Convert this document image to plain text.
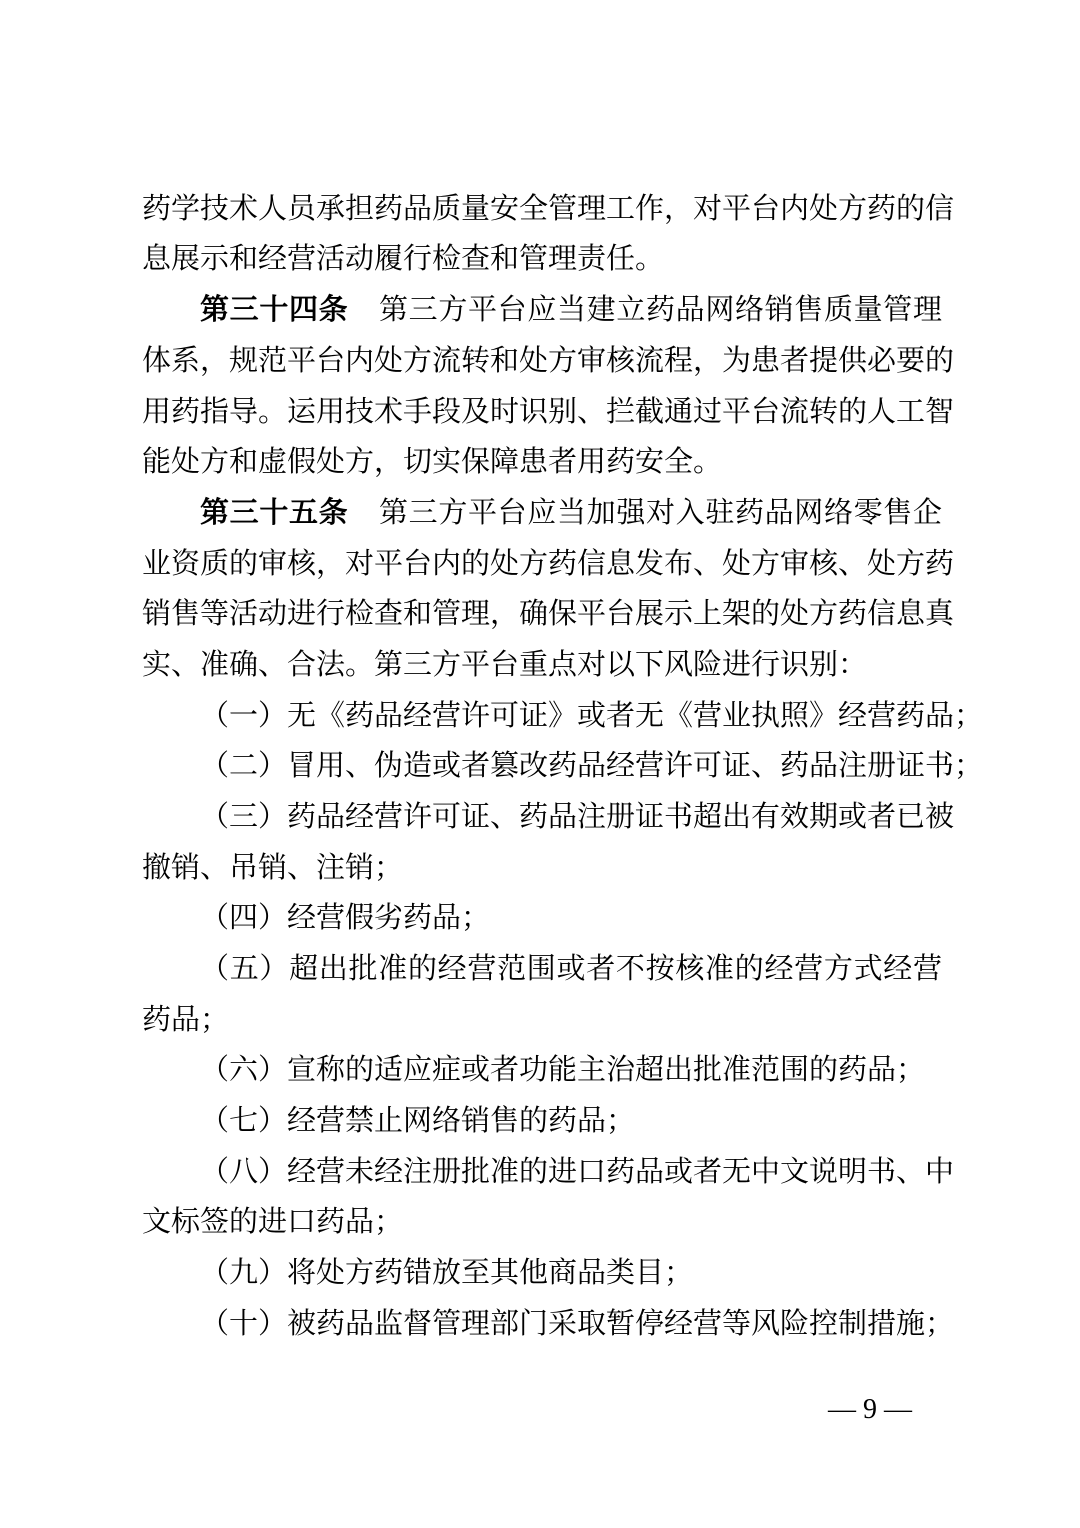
药学技术人员承担药品质量安全管理工作，对平台内处方药的信
息展示和经营活动履行检查和管理责任。
第三十四条 第三方平台应当建立药品网络销售质量管理
体系，规范平台内处方流转和处方审核流程，为患者提供必要的
用药指导。运用技术手段及时识别、拦截通过平台流转的人工智
能处方和虚假处方，切实保障患者用药安全。
第三十五条 第三方平台应当加强对入驻药品网络零售企
业资质的审核，对平台内的处方药信息发布、处方审核、处方药
销售等活动进行检查和管理，确保平台展示上架的处方药信息真
实、准确、合法。第三方平台重点对以下风险进行识别：
（一）无《药品经营许可证》或者无《营业执照》经营药品；
（二）冒用、伪造或者篡改药品经营许可证、药品注册证书；
（三）药品经营许可证、药品注册证书超出有效期或者已被
撤销、吊销、注销；
（四）经营假劣药品；
（五）超出批准的经营范围或者不按核准的经营方式经营
药品；
（六）宣称的适应症或者功能主治超出批准范围的药品；
（七）经营禁止网络销售的药品；
（八）经营未经注册批准的进口药品或者无中文说明书、中
文标签的进口药品；
（九）将处方药错放至其他商品类目；
（十）被药品监督管理部门采取暂停经营等风险控制措施；
— 9 —
